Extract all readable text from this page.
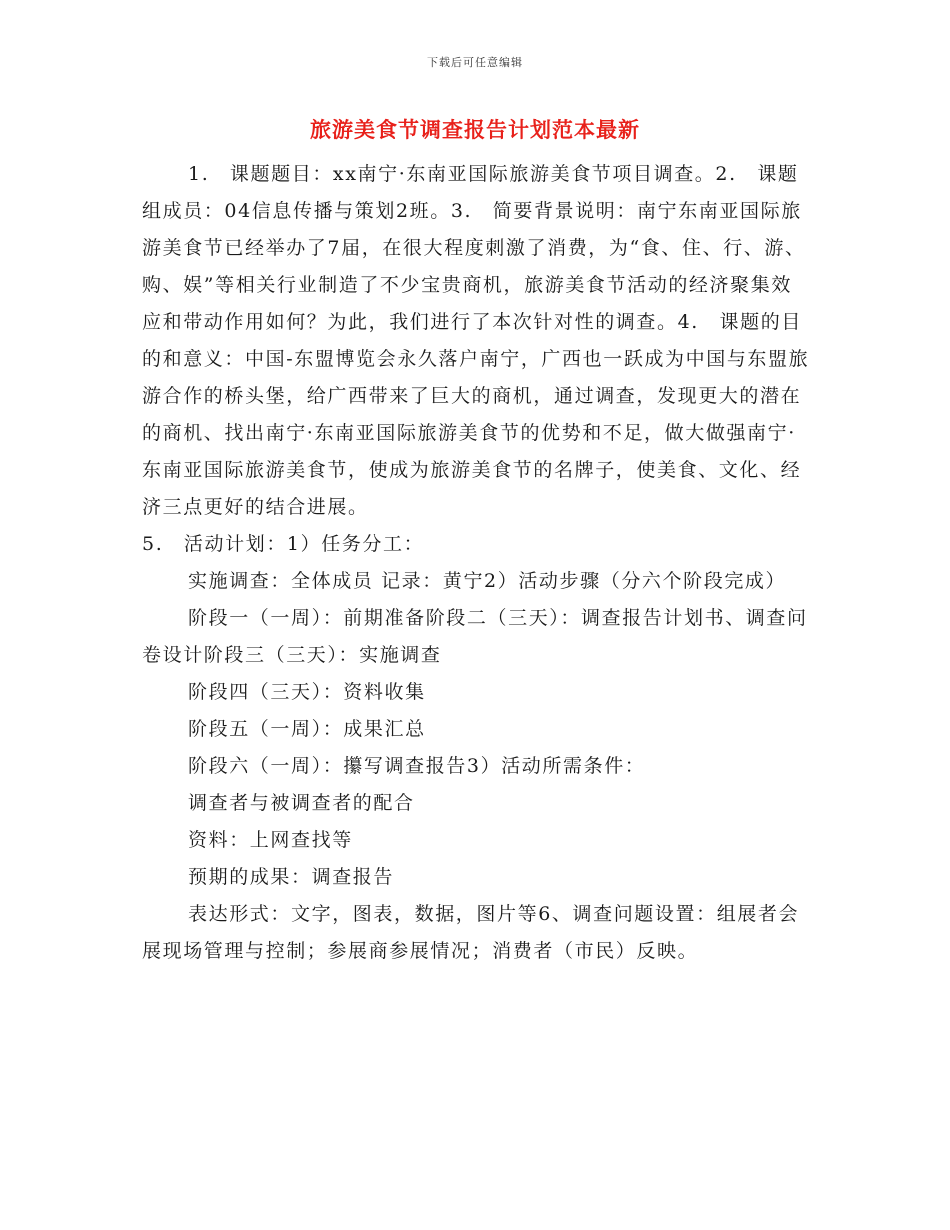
下载后可任意编辑
旅游美食节调查报告计划范本最新

1.　课题题目：xx南宁·东南亚国际旅游美食节项目调查。2.　课题组成员：04信息传播与策划2班。3.　简要背景说明：南宁东南亚国际旅游美食节已经举办了7届，在很大程度刺激了消费，为“食、住、行、游、购、娱”等相关行业制造了不少宝贵商机，旅游美食节活动的经济聚集效应和带动作用如何？为此，我们进行了本次针对性的调查。4.　课题的目的和意义：中国-东盟博览会永久落户南宁，广西也一跃成为中国与东盟旅游合作的桥头堡，给广西带来了巨大的商机，通过调查，发现更大的潜在的商机、找出南宁·东南亚国际旅游美食节的优势和不足，做大做强南宁·东南亚国际旅游美食节，使成为旅游美食节的名牌子，使美食、文化、经济三点更好的结合进展。

5.　活动计划：1）任务分工：

实施调查：全体成员 记录：黄宁2）活动步骤（分六个阶段完成）

阶段一（一周）：前期准备阶段二（三天）：调查报告计划书、调查问卷设计阶段三（三天）：实施调查

阶段四（三天）：资料收集

阶段五（一周）：成果汇总

阶段六（一周）：攥写调查报告3）活动所需条件：

调查者与被调查者的配合

资料：上网查找等

预期的成果：调查报告

表达形式：文字，图表，数据，图片等6、调查问题设置：组展者会展现场管理与控制；参展商参展情况；消费者（市民）反映。
